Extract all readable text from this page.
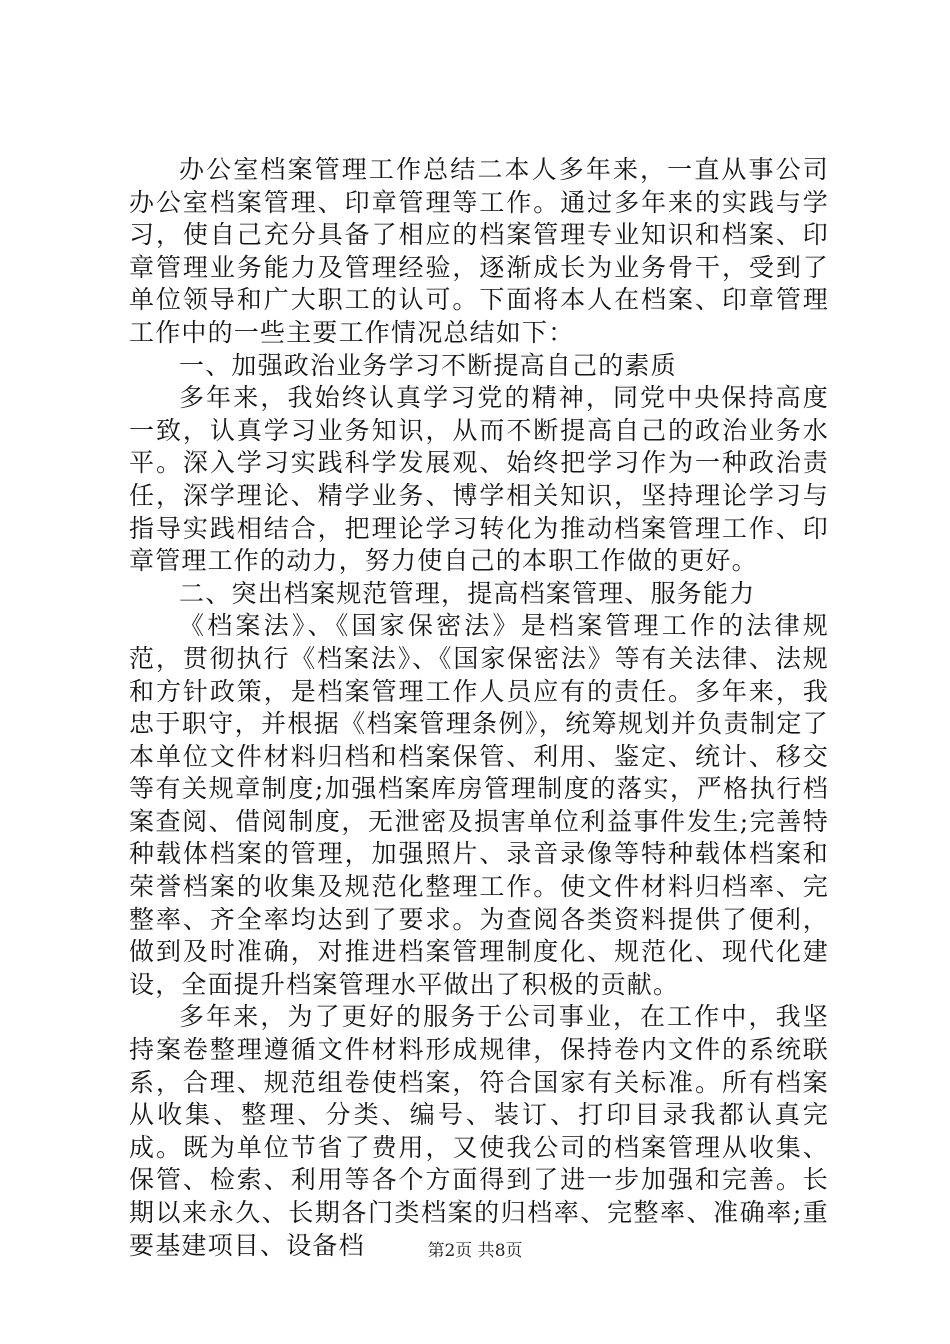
办公室档案管理工作总结二本人多年来，一直从事公司办公室档案管理、印章管理等工作。通过多年来的实践与学习，使自己充分具备了相应的档案管理专业知识和档案、印章管理业务能力及管理经验，逐渐成长为业务骨干，受到了单位领导和广大职工的认可。下面将本人在档案、印章管理工作中的一些主要工作情况总结如下：

一、加强政治业务学习不断提高自己的素质

多年来，我始终认真学习党的精神，同党中央保持高度一致，认真学习业务知识，从而不断提高自己的政治业务水平。深入学习实践科学发展观、始终把学习作为一种政治责任，深学理论、精学业务、博学相关知识，坚持理论学习与指导实践相结合，把理论学习转化为推动档案管理工作、印章管理工作的动力，努力使自己的本职工作做的更好。

二、突出档案规范管理，提高档案管理、服务能力

《档案法》、《国家保密法》是档案管理工作的法律规范，贯彻执行《档案法》、《国家保密法》等有关法律、法规和方针政策，是档案管理工作人员应有的责任。多年来，我忠于职守，并根据《档案管理条例》，统筹规划并负责制定了本单位文件材料归档和档案保管、利用、鉴定、统计、移交等有关规章制度;加强档案库房管理制度的落实，严格执行档案查阅、借阅制度，无泄密及损害单位利益事件发生;完善特种载体档案的管理，加强照片、录音录像等特种载体档案和荣誉档案的收集及规范化整理工作。使文件材料归档率、完整率、齐全率均达到了要求。为查阅各类资料提供了便利，做到及时准确，对推进档案管理制度化、规范化、现代化建设，全面提升档案管理水平做出了积极的贡献。

多年来，为了更好的服务于公司事业，在工作中，我坚持案卷整理遵循文件材料形成规律，保持卷内文件的系统联系，合理、规范组卷使档案，符合国家有关标准。所有档案从收集、整理、分类、编号、装订、打印目录我都认真完成。既为单位节省了费用，又使我公司的档案管理从收集、保管、检索、利用等各个方面得到了进一步加强和完善。长期以来永久、长期各门类档案的归档率、完整率、准确率;重要基建项目、设备档	第2页 共8页
